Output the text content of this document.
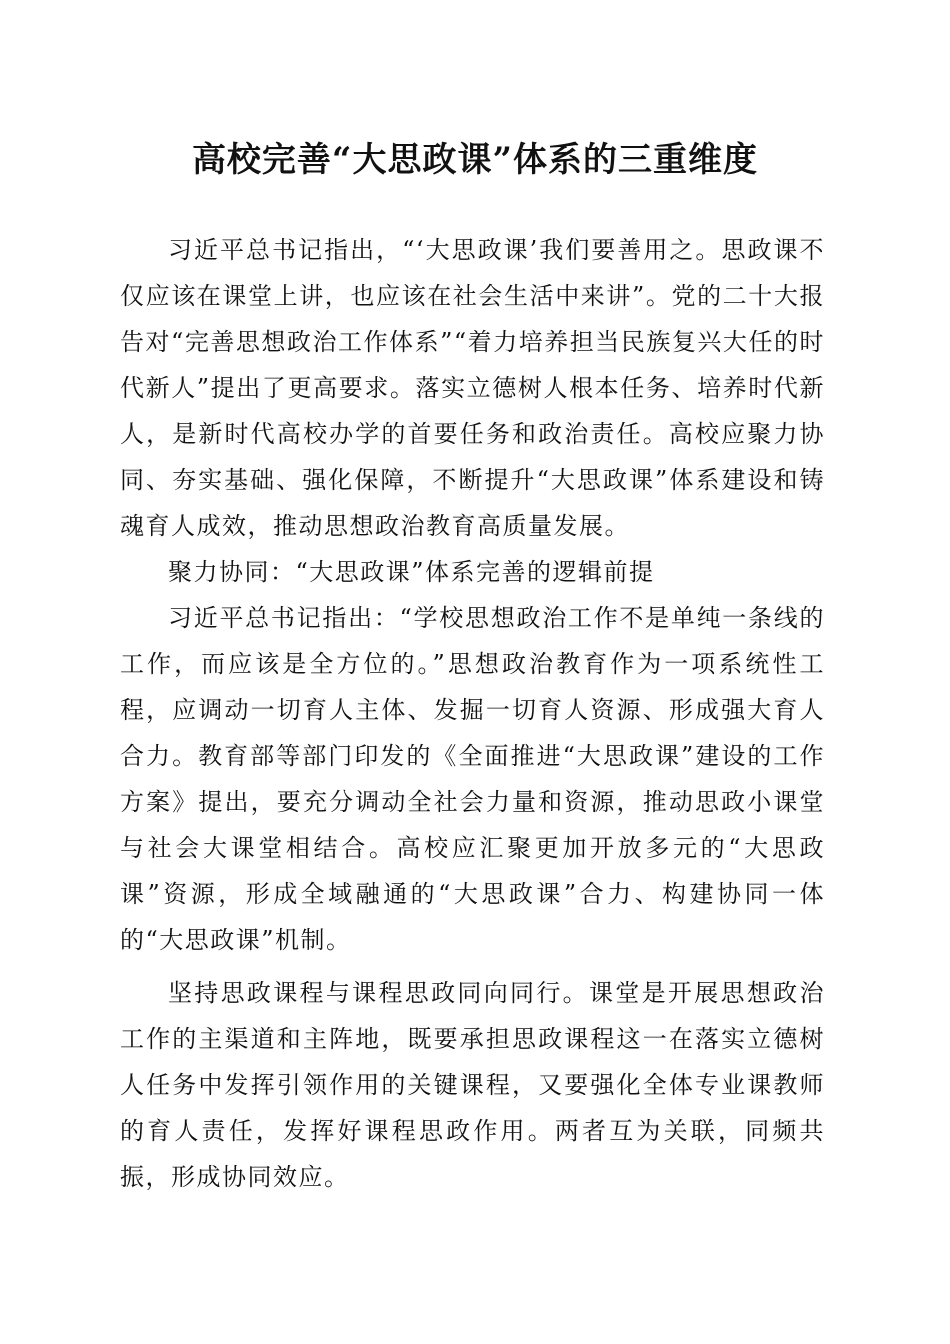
高校完善“大思政课”体系的三重维度

习近平总书记指出，“‘大思政课’我们要善用之。思政课不仅应该在课堂上讲，也应该在社会生活中来讲”。党的二十大报告对“完善思想政治工作体系”“着力培养担当民族复兴大任的时代新人”提出了更高要求。落实立德树人根本任务、培养时代新人，是新时代高校办学的首要任务和政治责任。高校应聚力协同、夯实基础、强化保障，不断提升“大思政课”体系建设和铸魂育人成效，推动思想政治教育高质量发展。

聚力协同：“大思政课”体系完善的逻辑前提

习近平总书记指出：“学校思想政治工作不是单纯一条线的工作，而应该是全方位的。”思想政治教育作为一项系统性工程，应调动一切育人主体、发掘一切育人资源、形成强大育人合力。教育部等部门印发的《全面推进“大思政课”建设的工作方案》提出，要充分调动全社会力量和资源，推动思政小课堂与社会大课堂相结合。高校应汇聚更加开放多元的“大思政课”资源，形成全域融通的“大思政课”合力、构建协同一体的“大思政课”机制。

坚持思政课程与课程思政同向同行。课堂是开展思想政治工作的主渠道和主阵地，既要承担思政课程这一在落实立德树人任务中发挥引领作用的关键课程，又要强化全体专业课教师的育人责任，发挥好课程思政作用。两者互为关联，同频共振，形成协同效应。
